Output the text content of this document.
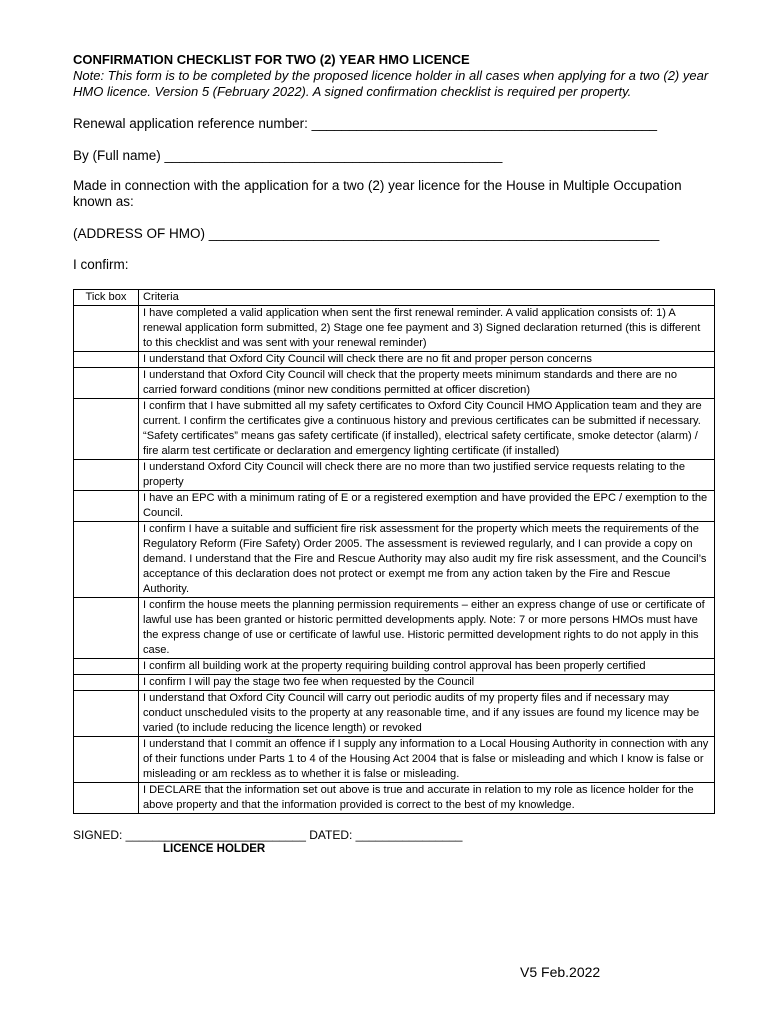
CONFIRMATION CHECKLIST FOR TWO (2) YEAR HMO LICENCE

Note: This form is to be completed by the proposed licence holder in all cases when applying for a two (2) year HMO licence. Version 5 (February 2022). A signed confirmation checklist is required per property.

Renewal application reference number: ______________________________________________
By (Full name) _____________________________________________
Made in connection with the application for a two (2) year licence for the House in Multiple Occupation known as:
(ADDRESS OF HMO) ____________________________________________________________
I confirm:
Tick box	Criteria
	I have completed a valid application when sent the first renewal reminder. A valid application consists of: 1) A renewal application form submitted, 2) Stage one fee payment and 3) Signed declaration returned (this is different to this checklist and was sent with your renewal reminder)
	I understand that Oxford City Council will check there are no fit and proper person concerns
	I understand that Oxford City Council will check that the property meets minimum standards and there are no carried forward conditions (minor new conditions permitted at officer discretion)
	I confirm that I have submitted all my safety certificates to Oxford City Council HMO Application team and they are current. I confirm the certificates give a continuous history and previous certificates can be submitted if necessary. “Safety certificates” means gas safety certificate (if installed), electrical safety certificate, smoke detector (alarm) / fire alarm test certificate or declaration and emergency lighting certificate (if installed)
	I understand Oxford City Council will check there are no more than two justified service requests relating to the property
	I have an EPC with a minimum rating of E or a registered exemption and have provided the EPC / exemption to the Council.
	I confirm I have a suitable and sufficient fire risk assessment for the property which meets the requirements of the Regulatory Reform (Fire Safety) Order 2005. The assessment is reviewed regularly, and I can provide a copy on demand. I understand that the Fire and Rescue Authority may also audit my fire risk assessment, and the Council’s acceptance of this declaration does not protect or exempt me from any action taken by the Fire and Rescue Authority.
	I confirm the house meets the planning permission requirements – either an express change of use or certificate of lawful use has been granted or historic permitted developments apply. Note: 7 or more persons HMOs must have the express change of use or certificate of lawful use. Historic permitted development rights to do not apply in this case.
	I confirm all building work at the property requiring building control approval has been properly certified
	I confirm I will pay the stage two fee when requested by the Council
	I understand that Oxford City Council will carry out periodic audits of my property files and if necessary may conduct unscheduled visits to the property at any reasonable time, and if any issues are found my licence may be varied (to include reducing the licence length) or revoked
	I understand that I commit an offence if I supply any information to a Local Housing Authority in connection with any of their functions under Parts 1 to 4 of the Housing Act 2004 that is false or misleading and which I know is false or misleading or am reckless as to whether it is false or misleading.
	I DECLARE that the information set out above is true and accurate in relation to my role as licence holder for the above property and that the information provided is correct to the best of my knowledge.
SIGNED: ___________________________ DATED: ________________
LICENCE HOLDER
V5 Feb.2022
